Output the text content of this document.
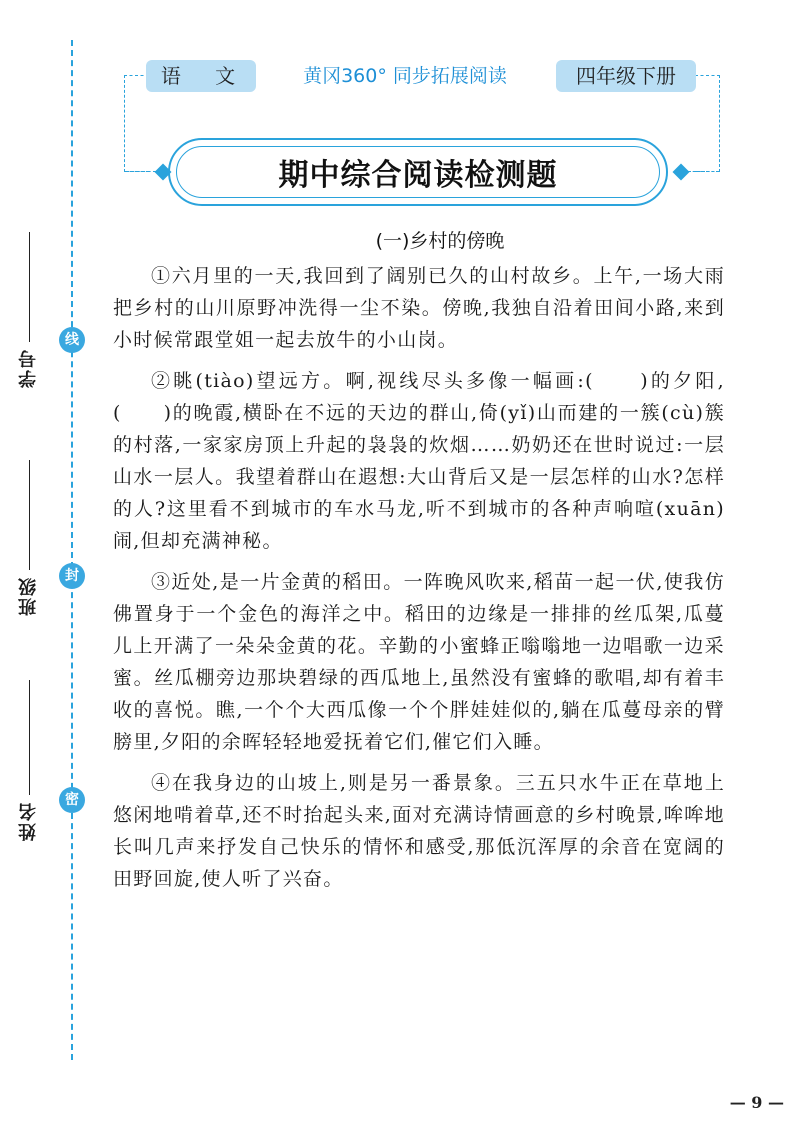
学号
班级
姓名
线
封
密
语 文	黄冈360° 同步拓展阅读	四年级下册
期中综合阅读检测题
(一)乡村的傍晚

①六月里的一天,我回到了阔别已久的山村故乡。上午,一场大雨把乡村的山川原野冲洗得一尘不染。傍晚,我独自沿着田间小路,来到小时候常跟堂姐一起去放牛的小山岗。

②眺(tiào)望远方。啊,视线尽头多像一幅画:(　　)的夕阳,(　　)的晚霞,横卧在不远的天边的群山,倚(yǐ)山而建的一簇(cù)簇的村落,一家家房顶上升起的袅袅的炊烟……奶奶还在世时说过:一层山水一层人。我望着群山在遐想:大山背后又是一层怎样的山水?怎样的人?这里看不到城市的车水马龙,听不到城市的各种声响喧(xuān)闹,但却充满神秘。

③近处,是一片金黄的稻田。一阵晚风吹来,稻苗一起一伏,使我仿佛置身于一个金色的海洋之中。稻田的边缘是一排排的丝瓜架,瓜蔓儿上开满了一朵朵金黄的花。辛勤的小蜜蜂正嗡嗡地一边唱歌一边采蜜。丝瓜棚旁边那块碧绿的西瓜地上,虽然没有蜜蜂的歌唱,却有着丰收的喜悦。瞧,一个个大西瓜像一个个胖娃娃似的,躺在瓜蔓母亲的臂膀里,夕阳的余晖轻轻地爱抚着它们,催它们入睡。

④在我身边的山坡上,则是另一番景象。三五只水牛正在草地上悠闲地啃着草,还不时抬起头来,面对充满诗情画意的乡村晚景,哞哞地长叫几声来抒发自己快乐的情怀和感受,那低沉浑厚的余音在宽阔的田野回旋,使人听了兴奋。

— 9 —
